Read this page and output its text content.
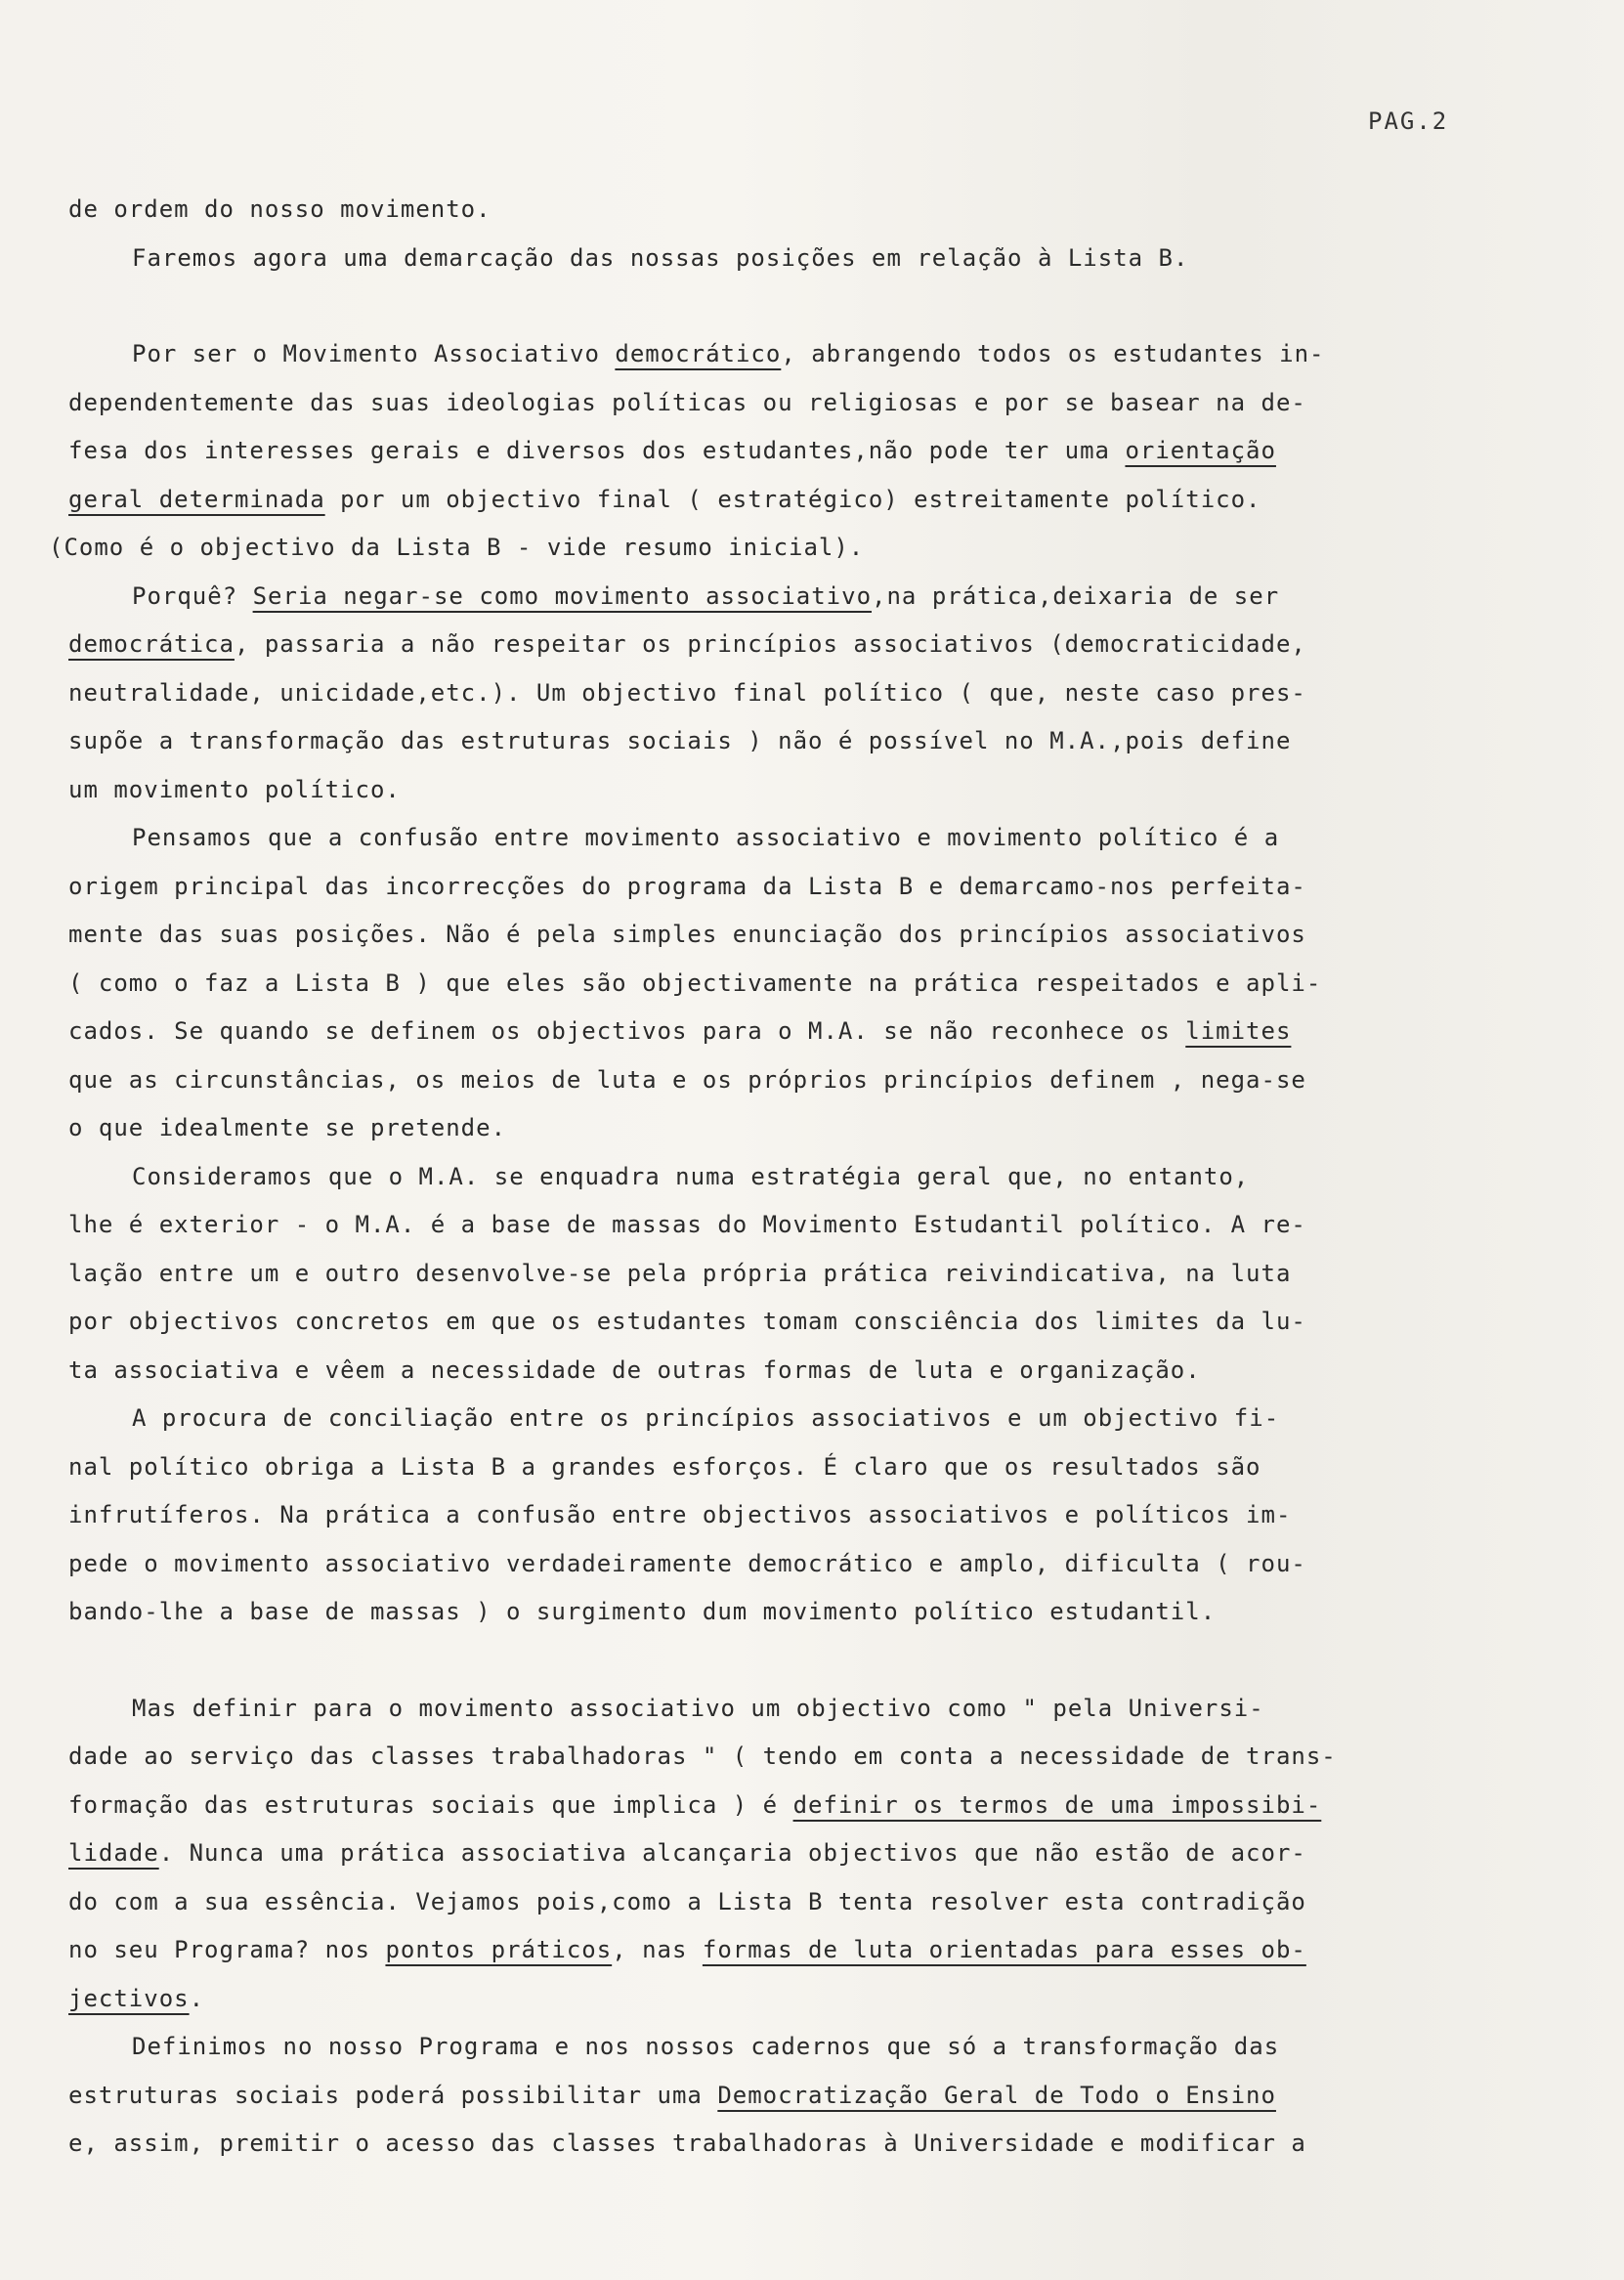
PAG.2

de ordem do nosso movimento.

Faremos agora uma demarcação das nossas posições em relação à Lista B.

Por ser o Movimento Associativo democrático, abrangendo todos os estudantes in-
dependentemente das suas ideologias políticas ou religiosas e por se basear na de-
fesa dos interesses gerais e diversos dos estudantes,não pode ter uma orientação
geral determinada por um objectivo final ( estratégico) estreitamente político.
(Como é o objectivo da Lista B - vide resumo inicial).

Porquê? Seria negar-se como movimento associativo,na prática,deixaria de ser
democrática, passaria a não respeitar os princípios associativos (democraticidade,
neutralidade, unicidade,etc.). Um objectivo final político ( que, neste caso pres-
supõe a transformação das estruturas sociais ) não é possível no M.A.,pois define
um movimento político.

Pensamos que a confusão entre movimento associativo e movimento político é a
origem principal das incorrecções do programa da Lista B e demarcamo-nos perfeita-
mente das suas posições. Não é pela simples enunciação dos princípios associativos
( como o faz a Lista B ) que eles são objectivamente na prática respeitados e apli-
cados. Se quando se definem os objectivos para o M.A. se não reconhece os limites
que as circunstâncias, os meios de luta e os próprios princípios definem , nega-se
o que idealmente se pretende.

Consideramos que o M.A. se enquadra numa estratégia geral que, no entanto,
lhe é exterior - o M.A. é a base de massas do Movimento Estudantil político. A re-
lação entre um e outro desenvolve-se pela própria prática reivindicativa, na luta
por objectivos concretos em que os estudantes tomam consciência dos limites da lu-
ta associativa e vêem a necessidade de outras formas de luta e organização.

A procura de conciliação entre os princípios associativos e um objectivo fi-
nal político obriga a Lista B a grandes esforços. É claro que os resultados são
infrutíferos. Na prática a confusão entre objectivos associativos e políticos im-
pede o movimento associativo verdadeiramente democrático e amplo, dificulta ( rou-
bando-lhe a base de massas ) o surgimento dum movimento político estudantil.

Mas definir para o movimento associativo um objectivo como " pela Universi-
dade ao serviço das classes trabalhadoras " ( tendo em conta a necessidade de trans-
formação das estruturas sociais que implica ) é definir os termos de uma impossibi-
lidade. Nunca uma prática associativa alcançaria objectivos que não estão de acor-
do com a sua essência. Vejamos pois,como a Lista B tenta resolver esta contradição
no seu Programa? nos pontos práticos, nas formas de luta orientadas para esses ob-
jectivos.

Definimos no nosso Programa e nos nossos cadernos que só a transformação das
estruturas sociais poderá possibilitar uma Democratização Geral de Todo o Ensino
e, assim, premitir o acesso das classes trabalhadoras à Universidade e modificar a
